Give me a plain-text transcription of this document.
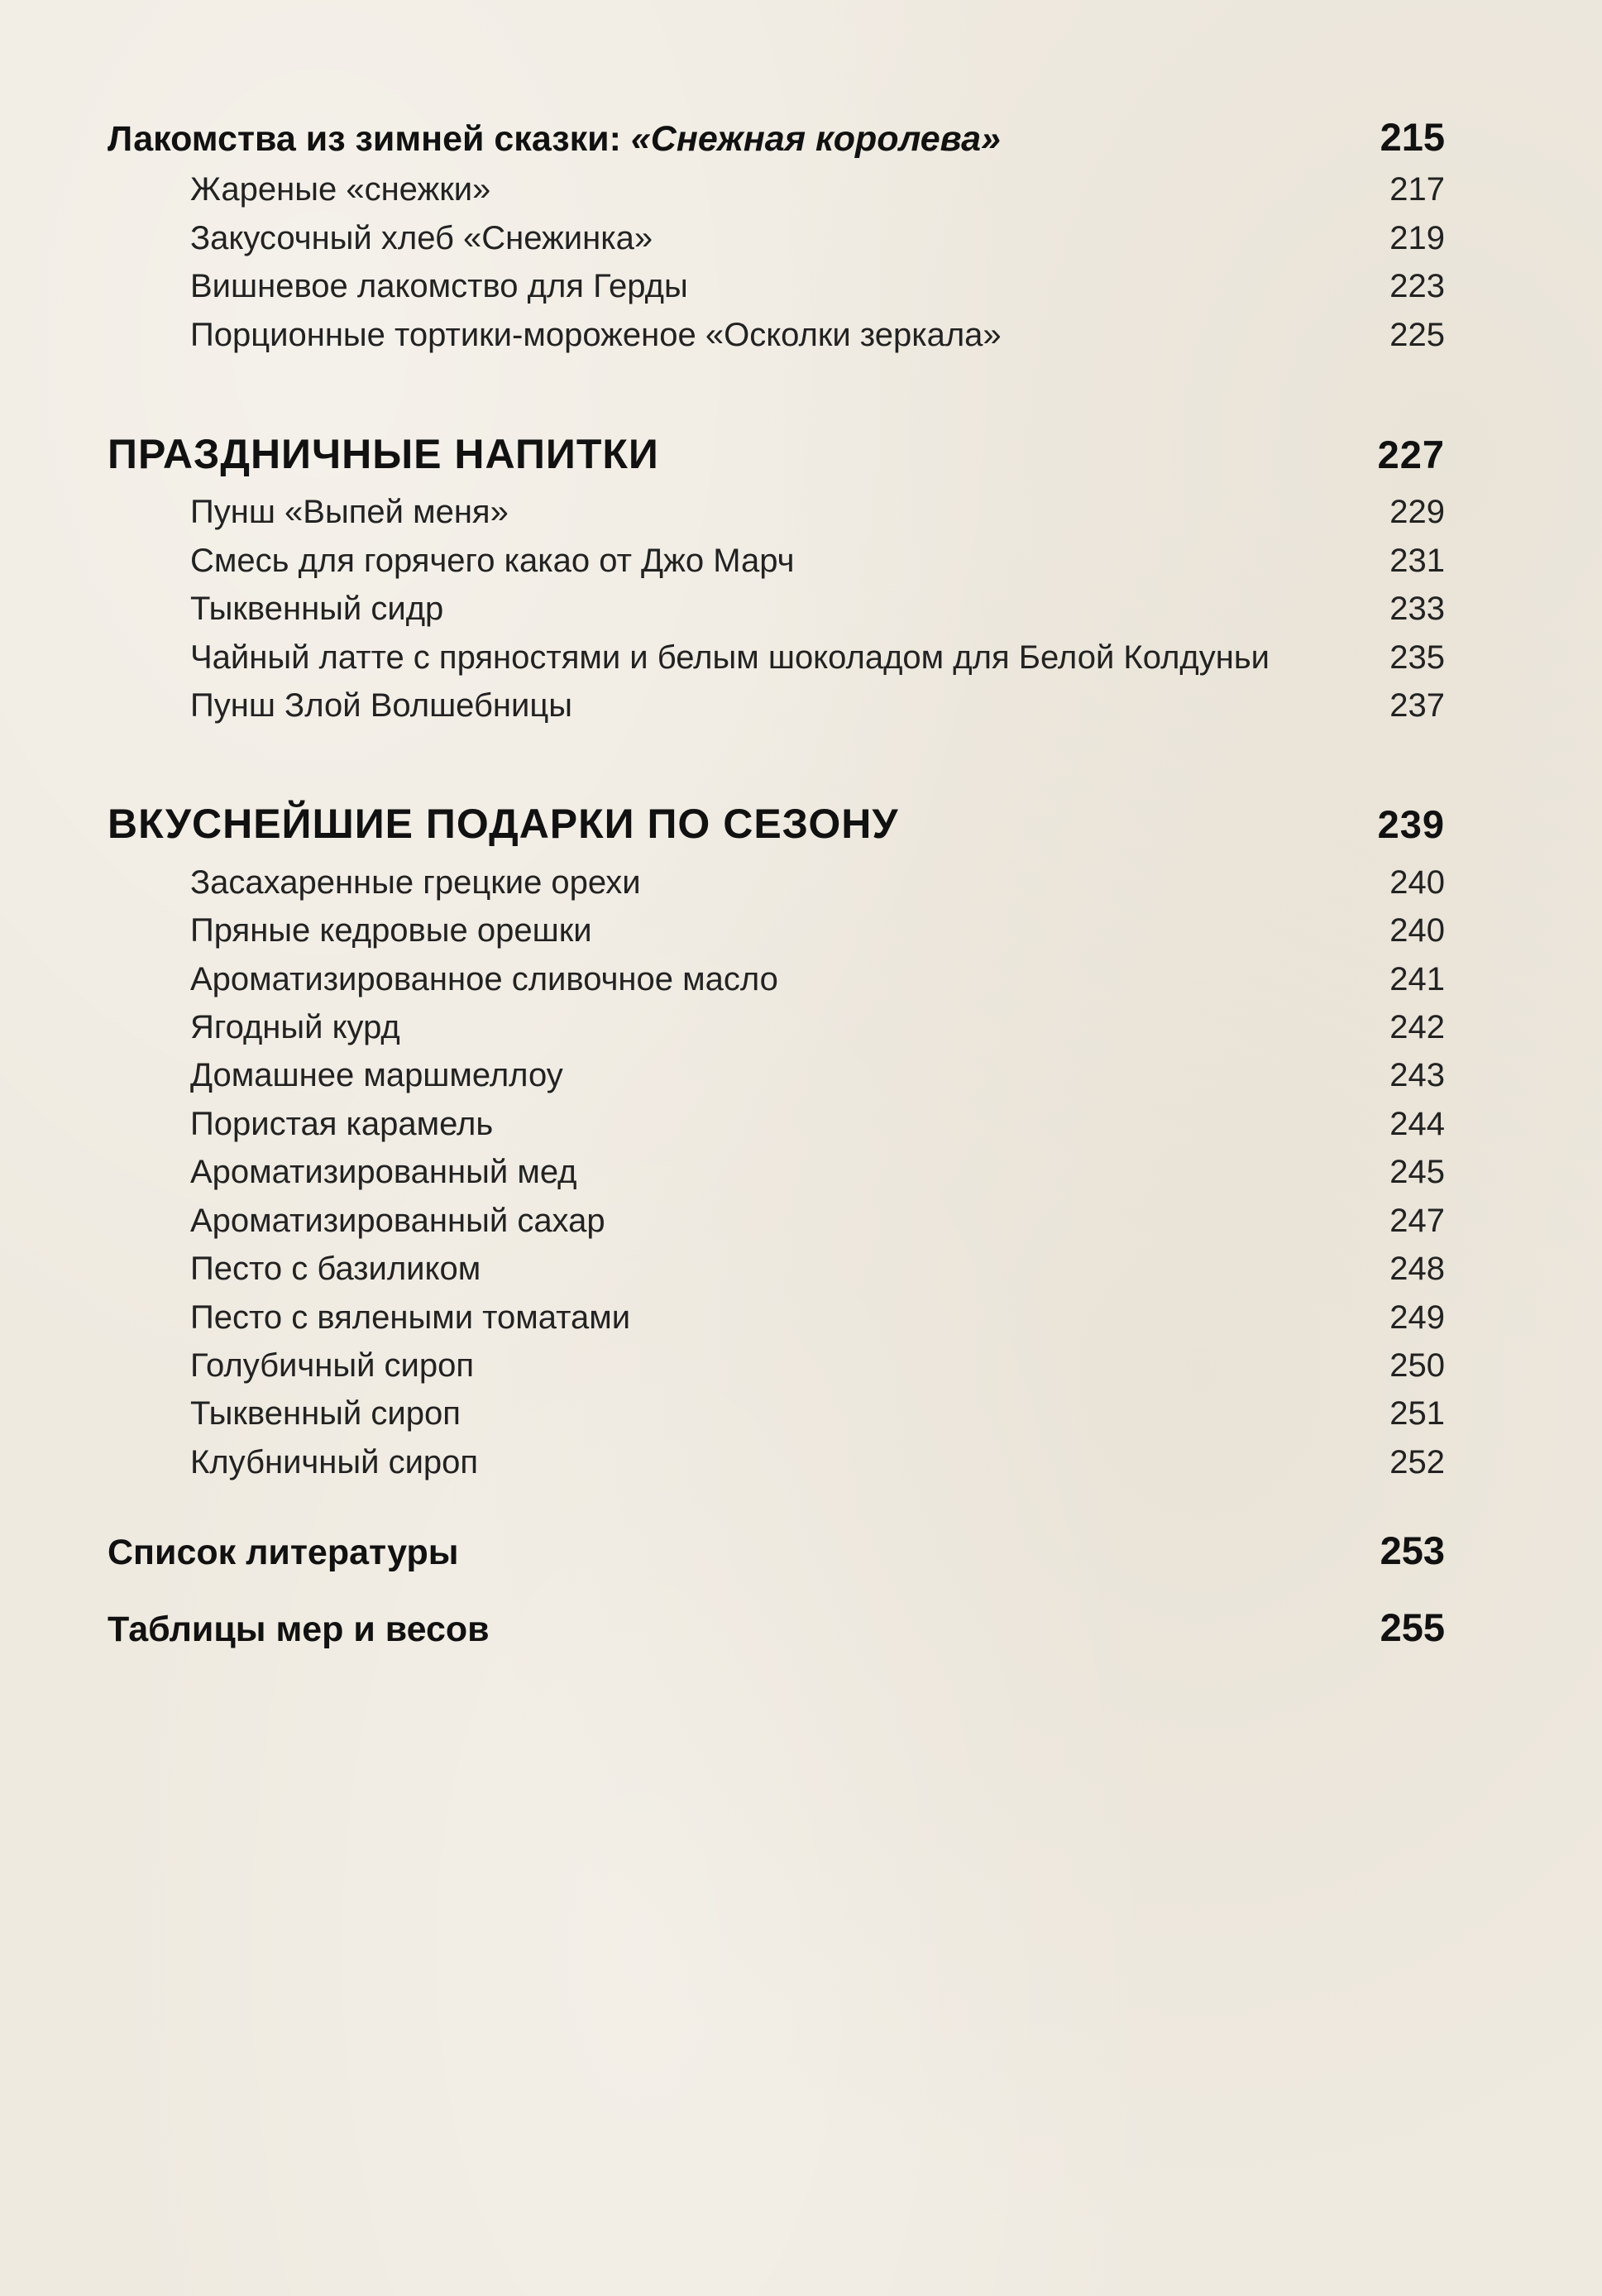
Лакомства из зимней сказки: «Снежная королева»	215
Жареные «снежки»	217
Закусочный хлеб «Снежинка»	219
Вишневое лакомство для Герды	223
Порционные тортики-мороженое «Осколки зеркала»	225
ПРАЗДНИЧНЫЕ НАПИТКИ	227
Пунш «Выпей меня»	229
Смесь для горячего какао от Джо Марч	231
Тыквенный сидр	233
Чайный латте с пряностями и белым шоколадом для Белой Колдуньи	235
Пунш Злой Волшебницы	237
ВКУСНЕЙШИЕ ПОДАРКИ ПО СЕЗОНУ	239
Засахаренные грецкие орехи	240
Пряные кедровые орешки	240
Ароматизированное сливочное масло	241
Ягодный курд	242
Домашнее маршмеллоу	243
Пористая карамель	244
Ароматизированный мед	245
Ароматизированный сахар	247
Песто с базиликом	248
Песто с вялеными томатами	249
Голубичный сироп	250
Тыквенный сироп	251
Клубничный сироп	252
Список литературы	253
Таблицы мер и весов	255
